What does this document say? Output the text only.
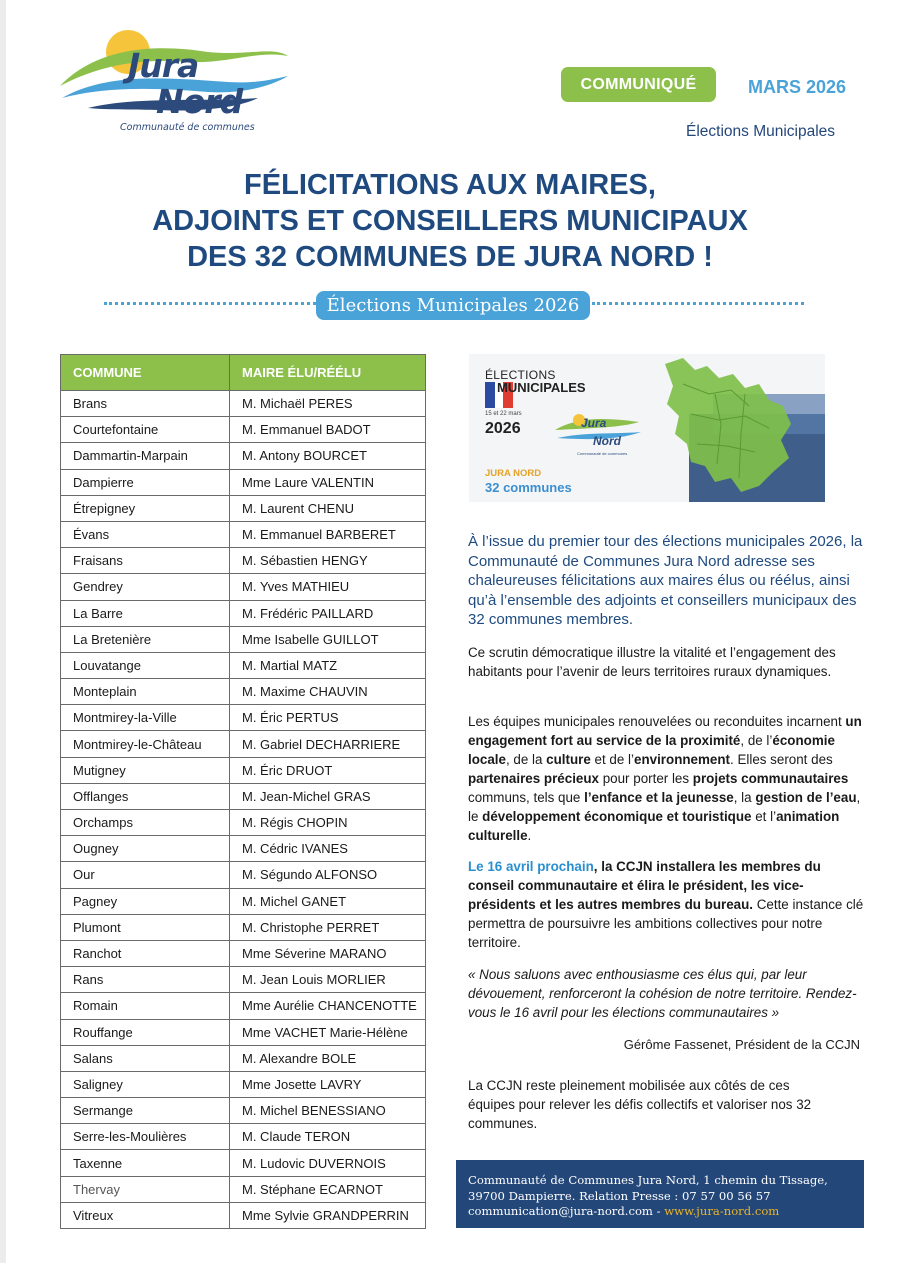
Jura
Nord
Communauté de communes
COMMUNIQUÉ	MARS 2026
Élections Municipales
FÉLICITATIONS AUX MAIRES,
ADJOINTS ET CONSEILLERS MUNICIPAUX
DES 32 COMMUNES DE JURA NORD !
Élections Municipales 2026
COMMUNE	MAIRE ÉLU/RÉÉLU
Brans	M. Michaël PERES
Courtefontaine	M. Emmanuel BADOT
Dammartin-Marpain	M. Antony BOURCET
Dampierre	Mme Laure VALENTIN
Étrepigney	M. Laurent CHENU
Évans	M. Emmanuel BARBERET
Fraisans	M. Sébastien HENGY
Gendrey	M. Yves MATHIEU
La Barre	M. Frédéric PAILLARD
La Bretenière	Mme Isabelle GUILLOT
Louvatange	M. Martial MATZ
Monteplain	M. Maxime CHAUVIN
Montmirey-la-Ville	M. Éric PERTUS
Montmirey-le-Château	M. Gabriel DECHARRIERE
Mutigney	M. Éric DRUOT
Offlanges	M. Jean-Michel GRAS
Orchamps	M. Régis CHOPIN
Ougney	M. Cédric IVANES
Our	M. Ségundo ALFONSO
Pagney	M. Michel GANET
Plumont	M. Christophe PERRET
Ranchot	Mme Séverine MARANO
Rans	M. Jean Louis MORLIER
Romain	Mme Aurélie CHANCENOTTE
Rouffange	Mme VACHET Marie-Hélène
Salans	M. Alexandre BOLE
Saligney	Mme Josette LAVRY
Sermange	M. Michel BENESSIANO
Serre-les-Moulières	M. Claude TERON
Taxenne	M. Ludovic DUVERNOIS
Thervay	M. Stéphane ECARNOT
Vitreux	Mme Sylvie GRANDPERRIN
ÉLECTIONS
MUNICIPALES
15 et 22 mars
2026	Jura
Nord
Communauté de communes
JURA NORD
32 communes
À l’issue du premier tour des élections municipales 2026, la Communauté de Communes Jura Nord adresse ses chaleureuses félicitations aux maires élus ou réélus, ainsi qu’à l’ensemble des adjoints et conseillers municipaux des 32 communes membres.
Ce scrutin démocratique illustre la vitalité et l’engagement des habitants pour l’avenir de leurs territoires ruraux dynamiques.
Les équipes municipales renouvelées ou reconduites incarnent un engagement fort au service de la proximité, de l’économie locale, de la culture et de l’environnement. Elles seront des partenaires précieux pour porter les projets communautaires communs, tels que l’enfance et la jeunesse, la gestion de l’eau, le développement économique et touristique et l’animation culturelle.
Le 16 avril prochain, la CCJN installera les membres du conseil communautaire et élira le président, les vice-présidents et les autres membres du bureau. Cette instance clé permettra de poursuivre les ambitions collectives pour notre territoire.
« Nous saluons avec enthousiasme ces élus qui, par leur dévouement, renforceront la cohésion de notre territoire. Rendez-vous le 16 avril pour les élections communautaires »
Gérôme Fassenet, Président de la CCJN
La CCJN reste pleinement mobilisée aux côtés de ces équipes pour relever les défis collectifs et valoriser nos 32 communes.
Communauté de Communes Jura Nord, 1 chemin du Tissage,
39700 Dampierre. Relation Presse : 07 57 00 56 57
communication@jura-nord.com - www.jura-nord.com
